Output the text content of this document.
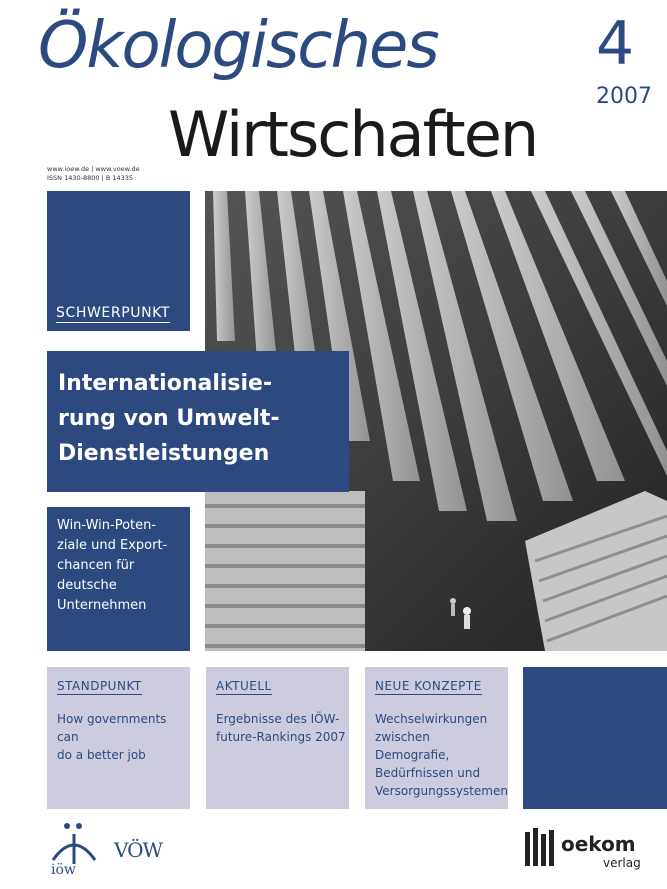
Ökologisches
Wirtschaften
4
2007
www.ioew.de | www.voew.de
ISSN 1430-8800 | B 14335
SCHWERPUNKT
Internationalisie-
rung von Umwelt-
Dienstleistungen
Win-Win-Poten-
ziale und Export-
chancen für
deutsche
Unternehmen
STANDPUNKT
How governments can
do a better job
AKTUELL
Ergebnisse des IÖW-
future-Rankings 2007
NEUE KONZEPTE
Wechselwirkungen
zwischen Demografie,
Bedürfnissen und
Versorgungssystemen
iöw
VÖW	oekom
verlag
